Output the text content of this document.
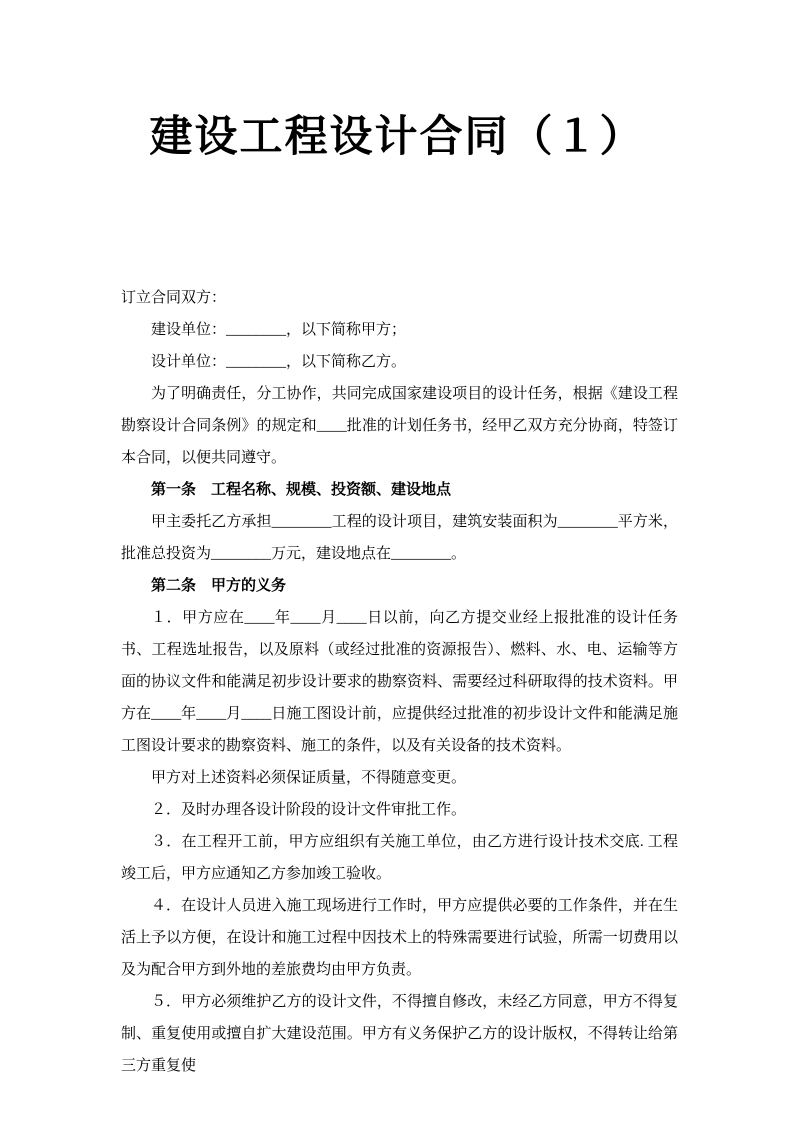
建设工程设计合同（１）

订立合同双方：

建设单位：________，以下简称甲方；

设计单位：________，以下简称乙方。

为了明确责任，分工协作，共同完成国家建设项目的设计任务，根据《建设工程勘察设计合同条例》的规定和____批准的计划任务书，经甲乙双方充分协商，特签订本合同，以便共同遵守。

第一条　工程名称、规模、投资额、建设地点

甲主委托乙方承担________工程的设计项目，建筑安装面积为________平方米，批准总投资为________万元，建设地点在________。

第二条　甲方的义务

１．甲方应在____年____月____日以前，向乙方提交业经上报批准的设计任务书、工程选址报告，以及原料（或经过批准的资源报告）、燃料、水、电、运输等方面的协议文件和能满足初步设计要求的勘察资料、需要经过科研取得的技术资料。甲方在____年____月____日施工图设计前，应提供经过批准的初步设计文件和能满足施工图设计要求的勘察资料、施工的条件，以及有关设备的技术资料。

甲方对上述资料必须保证质量，不得随意变更。

２．及时办理各设计阶段的设计文件审批工作。

３．在工程开工前，甲方应组织有关施工单位，由乙方进行设计技术交底. 工程竣工后，甲方应通知乙方参加竣工验收。

４．在设计人员进入施工现场进行工作时，甲方应提供必要的工作条件，并在生活上予以方便，在设计和施工过程中因技术上的特殊需要进行试验，所需一切费用以及为配合甲方到外地的差旅费均由甲方负责。

５．甲方必须维护乙方的设计文件，不得擅自修改，未经乙方同意，甲方不得复制、重复使用或擅自扩大建设范围。甲方有义务保护乙方的设计版权，不得转让给第三方重复使
